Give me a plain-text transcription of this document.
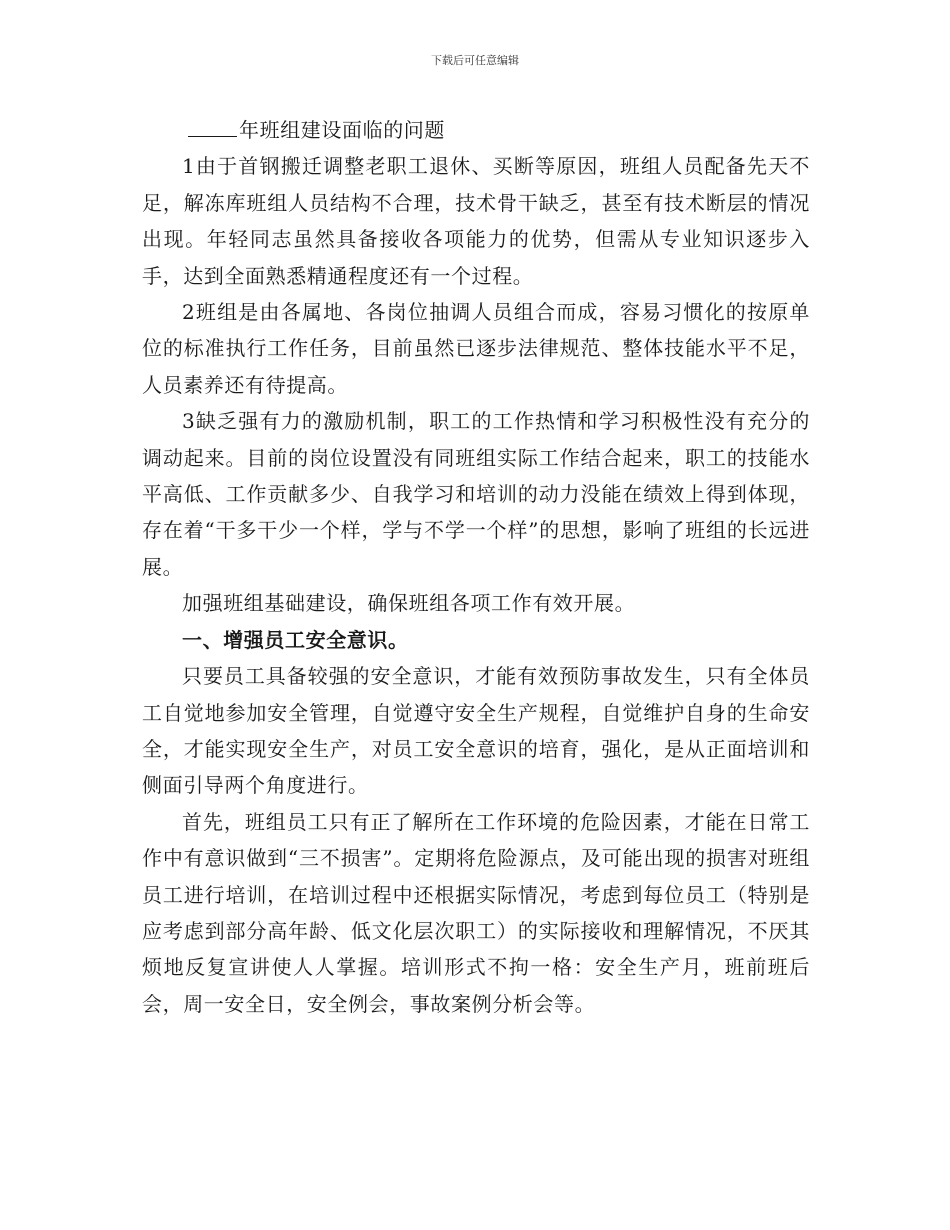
下载后可任意编辑

年班组建设面临的问题

1由于首钢搬迁调整老职工退休、买断等原因，班组人员配备先天不足，解冻库班组人员结构不合理，技术骨干缺乏，甚至有技术断层的情况出现。年轻同志虽然具备接收各项能力的优势，但需从专业知识逐步入手，达到全面熟悉精通程度还有一个过程。

2班组是由各属地、各岗位抽调人员组合而成，容易习惯化的按原单位的标准执行工作任务，目前虽然已逐步法律规范、整体技能水平不足，人员素养还有待提高。

3缺乏强有力的激励机制，职工的工作热情和学习积极性没有充分的调动起来。目前的岗位设置没有同班组实际工作结合起来，职工的技能水平高低、工作贡献多少、自我学习和培训的动力没能在绩效上得到体现，存在着“干多干少一个样，学与不学一个样”的思想，影响了班组的长远进展。

加强班组基础建设，确保班组各项工作有效开展。

一、增强员工安全意识。

只要员工具备较强的安全意识，才能有效预防事故发生，只有全体员工自觉地参加安全管理，自觉遵守安全生产规程，自觉维护自身的生命安全，才能实现安全生产，对员工安全意识的培育，强化，是从正面培训和侧面引导两个角度进行。

首先，班组员工只有正了解所在工作环境的危险因素，才能在日常工作中有意识做到“三不损害”。定期将危险源点，及可能出现的损害对班组员工进行培训，在培训过程中还根据实际情况，考虑到每位员工（特别是应考虑到部分高年龄、低文化层次职工）的实际接收和理解情况，不厌其烦地反复宣讲使人人掌握。培训形式不拘一格：安全生产月，班前班后会，周一安全日，安全例会，事故案例分析会等。
